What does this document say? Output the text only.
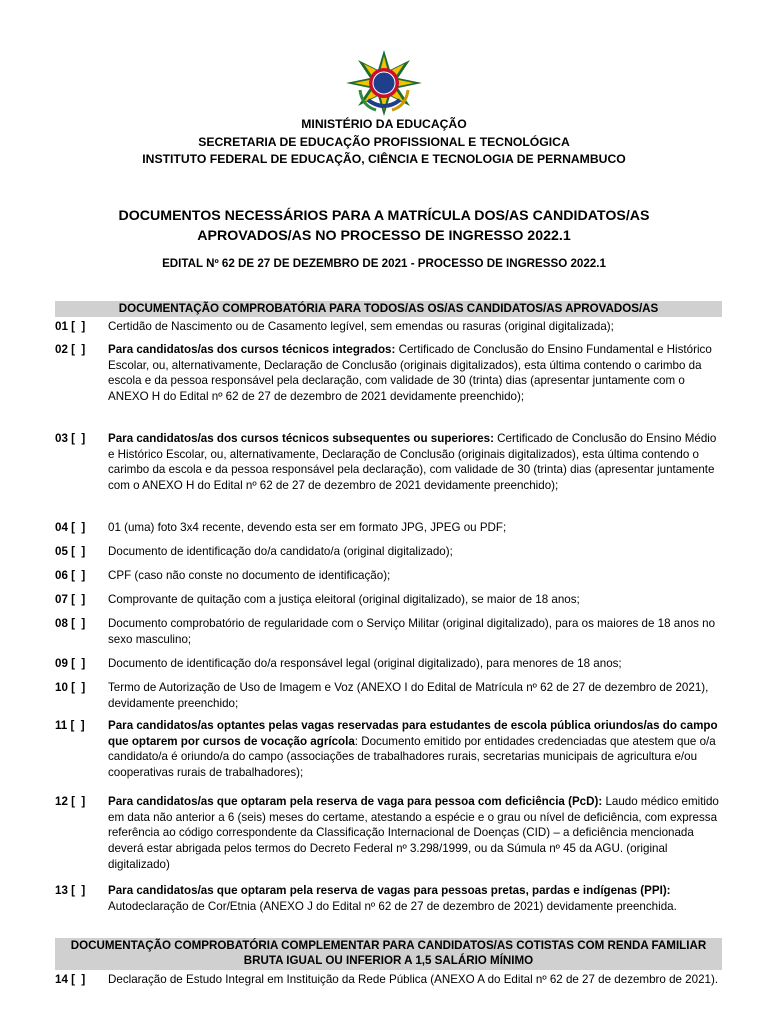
MINISTÉRIO DA EDUCAÇÃO
SECRETARIA DE EDUCAÇÃO PROFISSIONAL E TECNOLÓGICA
INSTITUTO FEDERAL DE EDUCAÇÃO, CIÊNCIA E TECNOLOGIA DE PERNAMBUCO
DOCUMENTOS NECESSÁRIOS PARA A MATRÍCULA DOS/AS CANDIDATOS/AS
APROVADOS/AS NO PROCESSO DE INGRESSO 2022.1
EDITAL Nº 62 DE 27 DE DEZEMBRO DE 2021 - PROCESSO DE INGRESSO 2022.1
DOCUMENTAÇÃO COMPROBATÓRIA PARA TODOS/AS OS/AS CANDIDATOS/AS APROVADOS/AS
01 [  ]	Certidão de Nascimento ou de Casamento legível, sem emendas ou rasuras (original digitalizada);
02 [  ]	Para candidatos/as dos cursos técnicos integrados: Certificado de Conclusão do Ensino Fundamental e Histórico Escolar, ou, alternativamente, Declaração de Conclusão (originais digitalizados), esta última contendo o carimbo da escola e da pessoa responsável pela declaração, com validade de 30 (trinta) dias (apresentar juntamente com o ANEXO H do Edital nº 62 de 27 de dezembro de 2021 devidamente preenchido);
03 [  ]	Para candidatos/as dos cursos técnicos subsequentes ou superiores: Certificado de Conclusão do Ensino Médio e Histórico Escolar, ou, alternativamente, Declaração de Conclusão (originais digitalizados), esta última contendo o carimbo da escola e da pessoa responsável pela declaração), com validade de 30 (trinta) dias (apresentar juntamente com o ANEXO H do Edital nº 62 de 27 de dezembro de 2021 devidamente preenchido);
04 [  ]	01 (uma) foto 3x4 recente, devendo esta ser em formato JPG, JPEG ou PDF;
05 [  ]	Documento de identificação do/a candidato/a (original digitalizado);
06 [  ]	CPF (caso não conste no documento de identificação);
07 [  ]	Comprovante de quitação com a justiça eleitoral (original digitalizado), se maior de 18 anos;
08 [  ]	Documento comprobatório de regularidade com o Serviço Militar (original digitalizado), para os maiores de 18 anos no sexo masculino;
09 [  ]	Documento de identificação do/a responsável legal (original digitalizado), para menores de 18 anos;
10 [  ]	Termo de Autorização de Uso de Imagem e Voz (ANEXO I do Edital de Matrícula nº 62 de 27 de dezembro de 2021), devidamente preenchido;
11 [  ]	Para candidatos/as optantes pelas vagas reservadas para estudantes de escola pública oriundos/as do campo que optarem por cursos de vocação agrícola: Documento emitido por entidades credenciadas que atestem que o/a candidato/a é oriundo/a do campo (associações de trabalhadores rurais, secretarias municipais de agricultura e/ou cooperativas rurais de trabalhadores);
12 [  ]	Para candidatos/as que optaram pela reserva de vaga para pessoa com deficiência (PcD): Laudo médico emitido em data não anterior a 6 (seis) meses do certame, atestando a espécie e o grau ou nível de deficiência, com expressa referência ao código correspondente da Classificação Internacional de Doenças (CID) – a deficiência mencionada deverá estar abrigada pelos termos do Decreto Federal nº 3.298/1999, ou da Súmula nº 45 da AGU. (original digitalizado)
13 [  ]	Para candidatos/as que optaram pela reserva de vagas para pessoas pretas, pardas e indígenas (PPI): Autodeclaração de Cor/Etnia (ANEXO J do Edital nº 62 de 27 de dezembro de 2021) devidamente preenchida.
DOCUMENTAÇÃO COMPROBATÓRIA COMPLEMENTAR PARA CANDIDATOS/AS COTISTAS COM RENDA FAMILIAR
BRUTA IGUAL OU INFERIOR A 1,5 SALÁRIO MÍNIMO
14 [  ]	Declaração de Estudo Integral em Instituição da Rede Pública (ANEXO A do Edital nº 62 de 27 de dezembro de 2021).
